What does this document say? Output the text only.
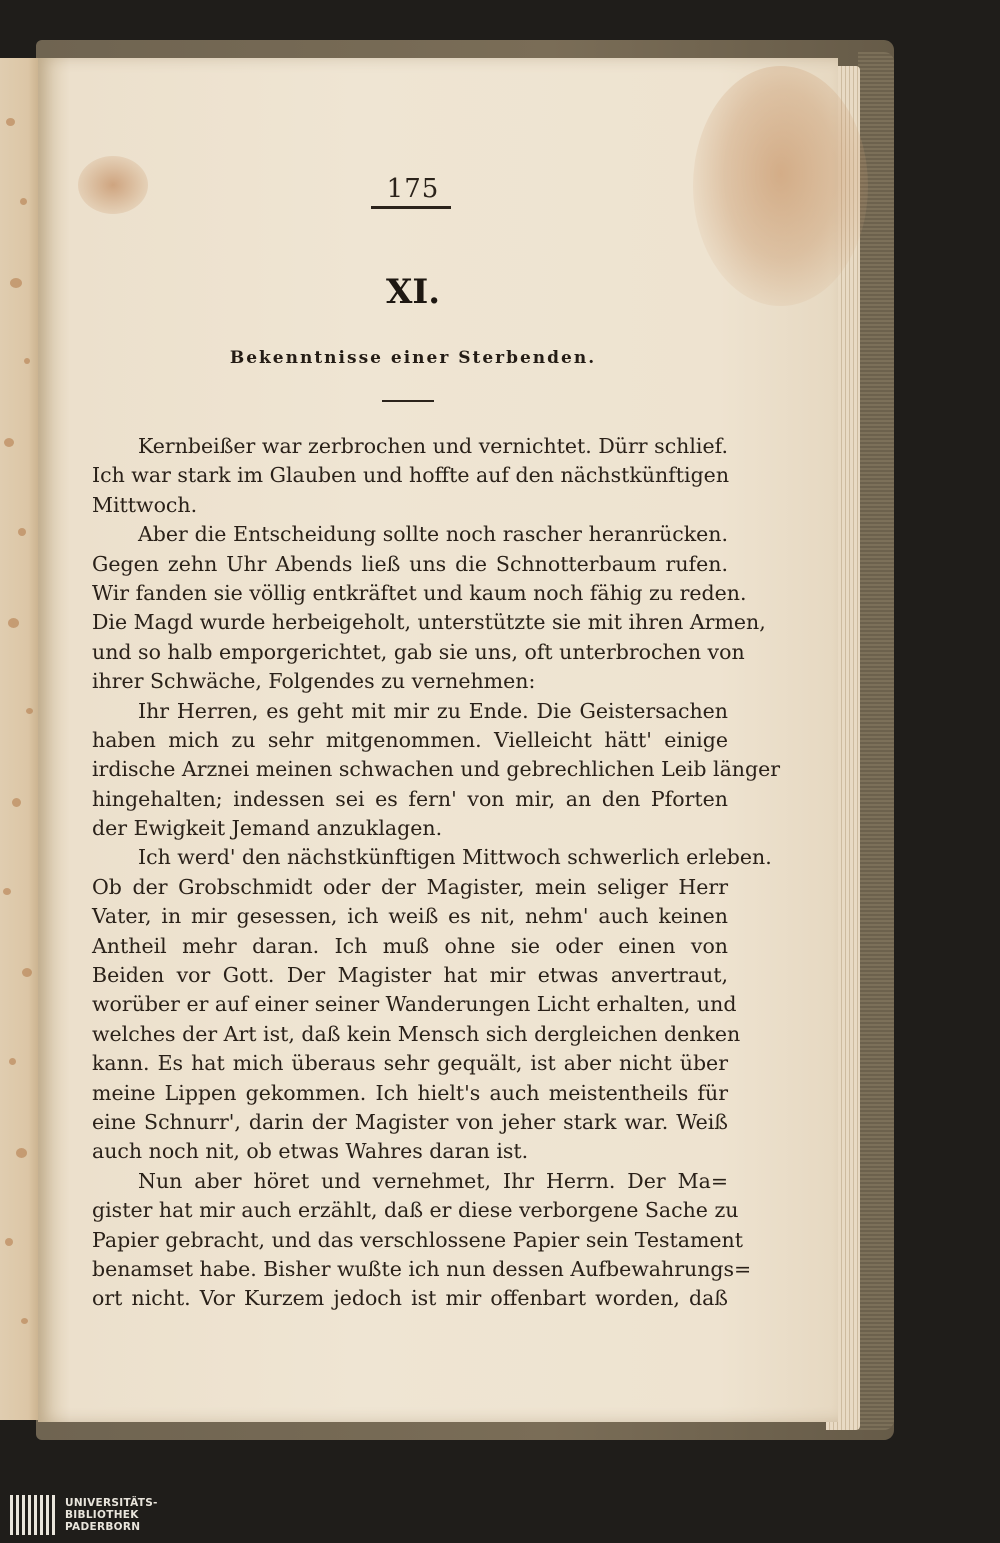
175
XI.
Bekenntnisse einer Sterbenden.
Kernbeißer war zerbrochen und vernichtet. Dürr schlief.
Ich war stark im Glauben und hoffte auf den nächstkünftigen
Mittwoch.
Aber die Entscheidung sollte noch rascher heranrücken.
Gegen zehn Uhr Abends ließ uns die Schnotterbaum rufen.
Wir fanden sie völlig entkräftet und kaum noch fähig zu reden.
Die Magd wurde herbeigeholt, unterstützte sie mit ihren Armen,
und so halb emporgerichtet, gab sie uns, oft unterbrochen von
ihrer Schwäche, Folgendes zu vernehmen:
Ihr Herren, es geht mit mir zu Ende. Die Geistersachen
haben mich zu sehr mitgenommen. Vielleicht hätt' einige
irdische Arznei meinen schwachen und gebrechlichen Leib länger
hingehalten; indessen sei es fern' von mir, an den Pforten
der Ewigkeit Jemand anzuklagen.
Ich werd' den nächstkünftigen Mittwoch schwerlich erleben.
Ob der Grobschmidt oder der Magister, mein seliger Herr
Vater, in mir gesessen, ich weiß es nit, nehm' auch keinen
Antheil mehr daran. Ich muß ohne sie oder einen von
Beiden vor Gott. Der Magister hat mir etwas anvertraut,
worüber er auf einer seiner Wanderungen Licht erhalten, und
welches der Art ist, daß kein Mensch sich dergleichen denken
kann. Es hat mich überaus sehr gequält, ist aber nicht über
meine Lippen gekommen. Ich hielt's auch meistentheils für
eine Schnurr', darin der Magister von jeher stark war. Weiß
auch noch nit, ob etwas Wahres daran ist.
Nun aber höret und vernehmet, Ihr Herrn. Der Ma=
gister hat mir auch erzählt, daß er diese verborgene Sache zu
Papier gebracht, und das verschlossene Papier sein Testament
benamset habe. Bisher wußte ich nun dessen Aufbewahrungs=
ort nicht. Vor Kurzem jedoch ist mir offenbart worden, daß
UNIVERSITÄTS-
BIBLIOTHEK
PADERBORN
